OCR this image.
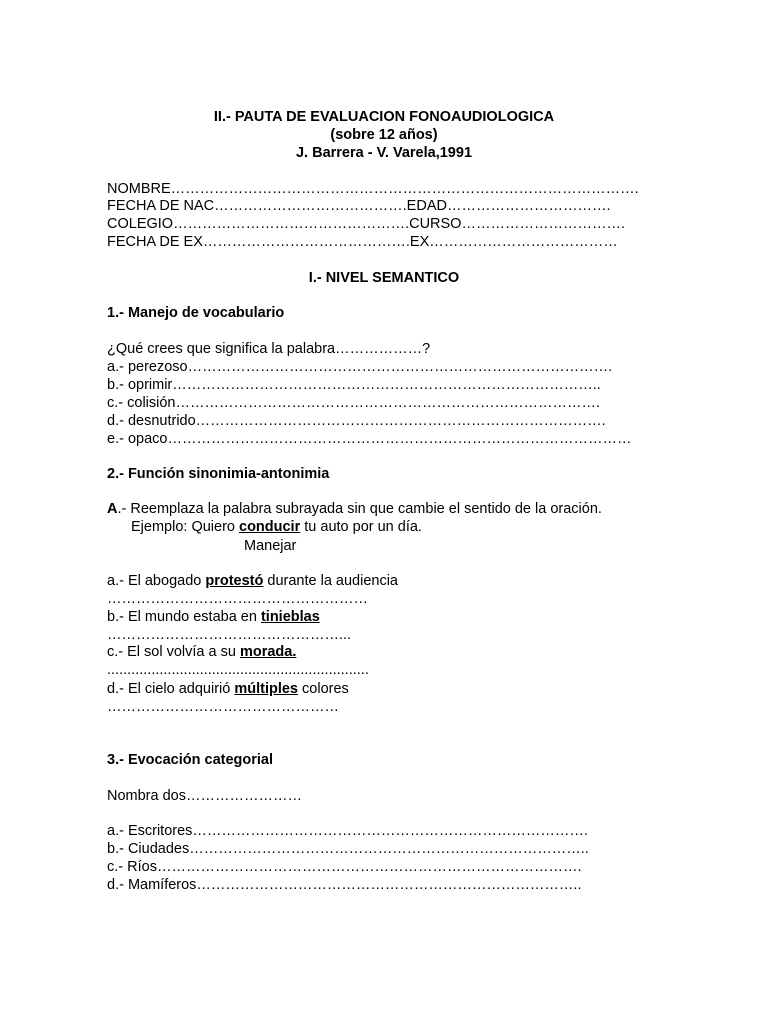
II.- PAUTA DE EVALUACION FONOAUDIOLOGICA
(sobre 12 años)
J. Barrera - V. Varela,1991
NOMBRE…………………………………………………………………………………….
FECHA DE NAC………………………………….EDAD…………………………….
COLEGIO………………………………………….CURSO…………………………….
FECHA DE EX…………………………………….EX…………………………………
I.- NIVEL SEMANTICO
1.- Manejo de vocabulario
¿Qué crees que significa la palabra………………?
a.- perezoso…………………………………………………………………………….
b.- oprimir……………………………………………………………………………..
c.- colisión…………………………………………………………………………….
d.- desnutrido………………………………………………………………………….
e.- opaco……………………………………………………………………………………
2.- Función sinonimia-antonimia
A.- Reemplaza la palabra subrayada sin que cambie el sentido de la oración.
Ejemplo: Quiero conducir tu auto por un día.
Manejar
a.- El abogado protestó durante la audiencia
………………………………………………
b.- El mundo estaba en tinieblas
…………………………………………...
c.- El sol volvía a su morada.
.................................................................
d.- El cielo adquirió múltiples colores
…………………………………………
3.- Evocación categorial
Nombra dos……………………
a.- Escritores……………………………………………………………………….
b.- Ciudades………………………………………………………………………..
c.- Ríos…………………………………………………………………………….
d.- Mamíferos……………………………………………………………………..
